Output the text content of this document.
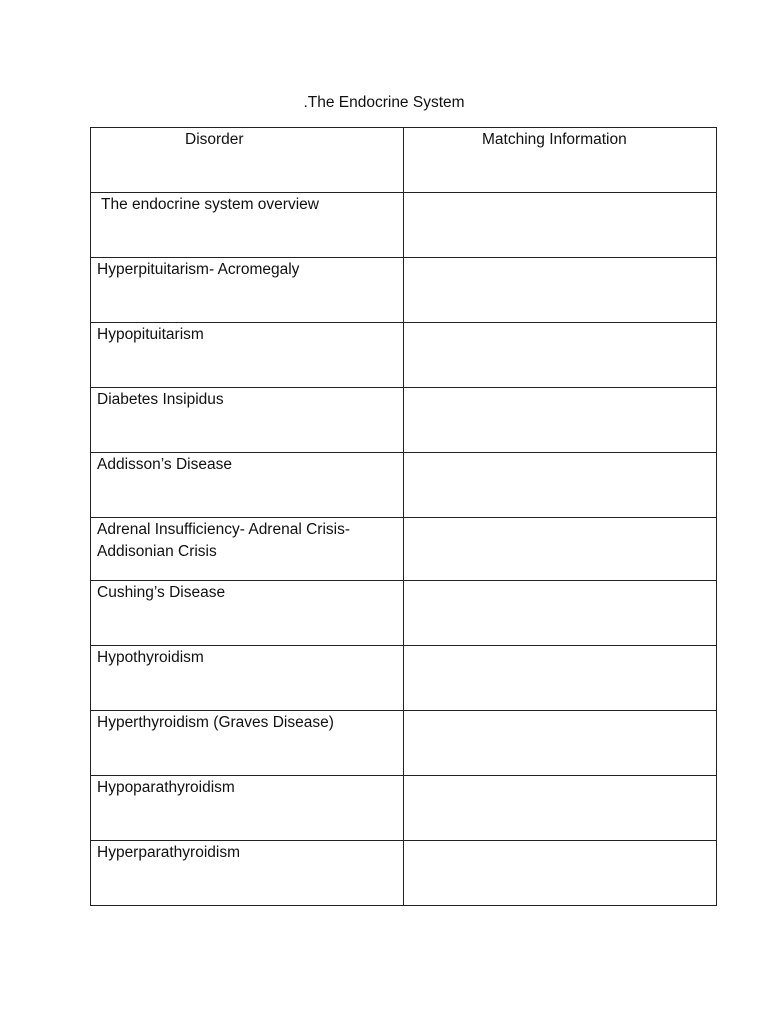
.The Endocrine System
Disorder	Matching Information

The endocrine system overview	

Hyperpituitarism- Acromegaly	

Hypopituitarism	

Diabetes Insipidus	

Addisson’s Disease	

Adrenal Insufficiency- Adrenal Crisis-
Addisonian Crisis	

Cushing’s Disease	

Hypothyroidism	

Hyperthyroidism (Graves Disease)	

Hypoparathyroidism	

Hyperparathyroidism	
